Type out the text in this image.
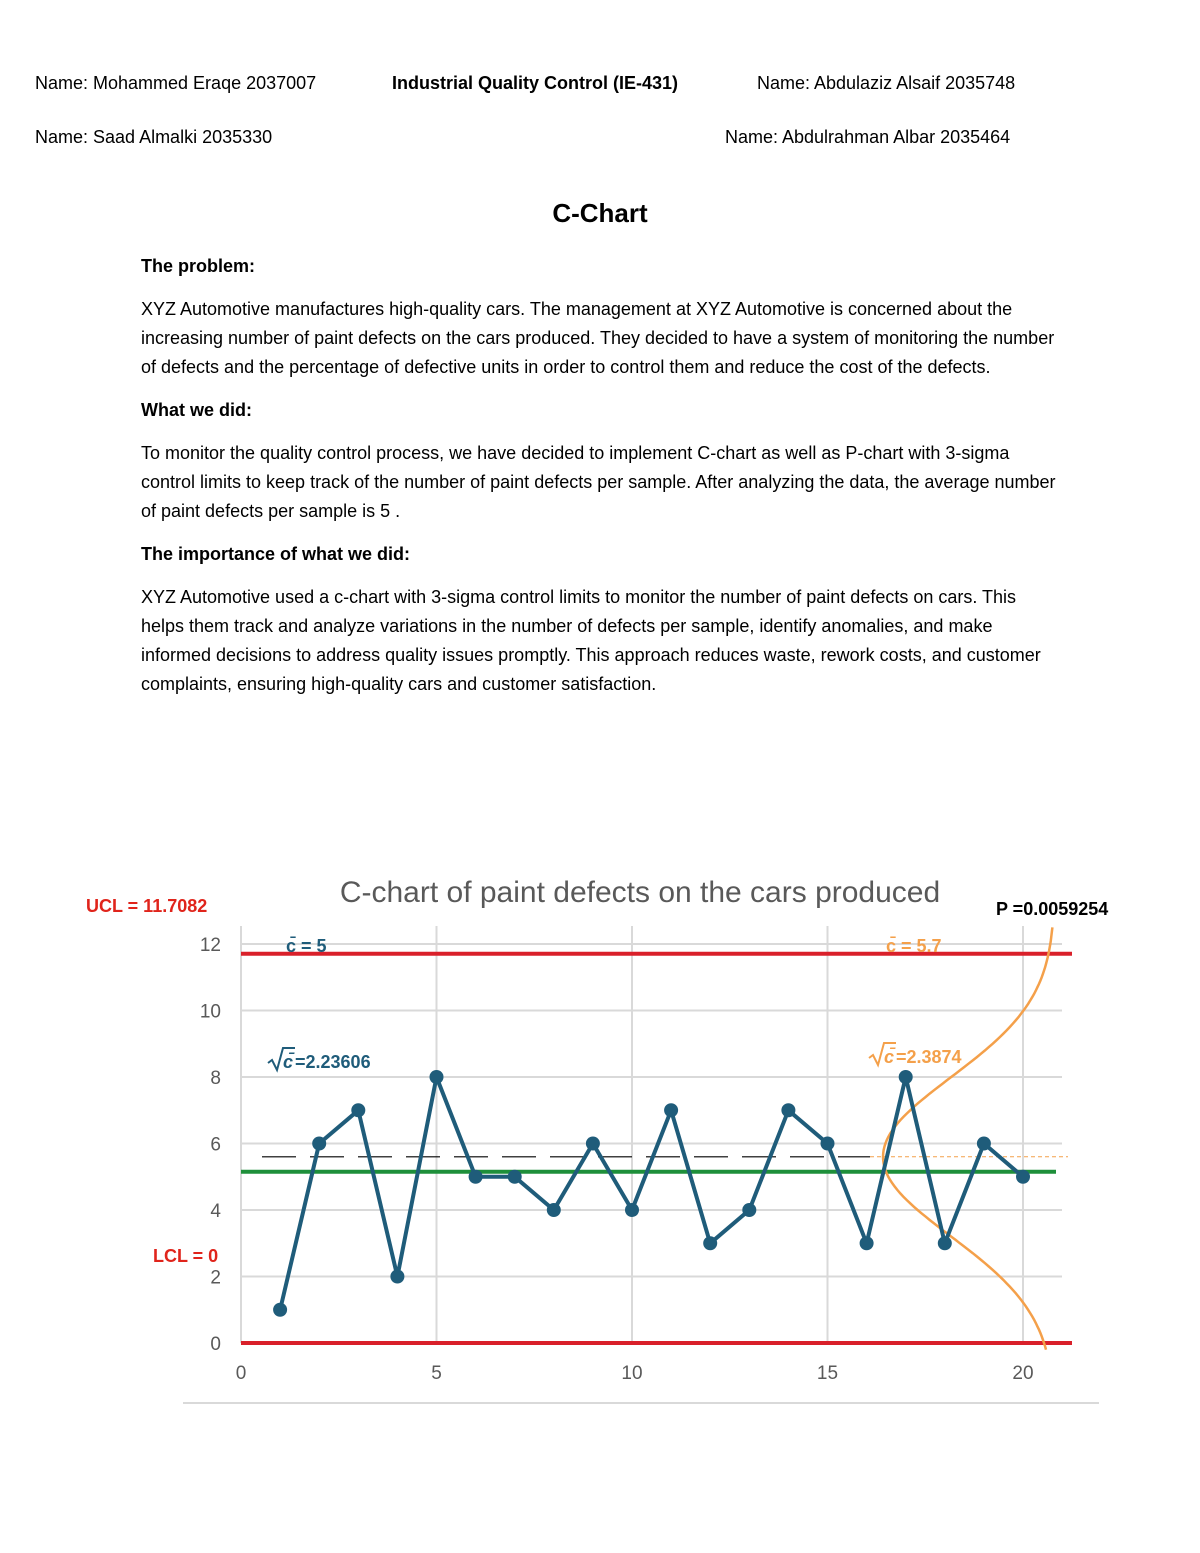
Name: Mohammed Eraqe 2037007	Industrial Quality Control (IE-431)	Name: Abdulaziz Alsaif 2035748
Name: Saad Almalki 2035330	Name: Abdulrahman Albar 2035464
C-Chart
The problem:

XYZ Automotive manufactures high-quality cars. The management at XYZ Automotive is concerned about the increasing number of paint defects on the cars produced. They decided to have a system of monitoring the number of defects and the percentage of defective units in order to control them and reduce the cost of the defects.

What we did:

To monitor the quality control process, we have decided to implement C-chart as well as P-chart with 3-sigma control limits to keep track of the number of paint defects per sample. After analyzing the data, the average number of paint defects per sample is 5 .

The importance of what we did:

XYZ Automotive used a c-chart with 3-sigma control limits to monitor the number of paint defects on cars. This helps them track and analyze variations in the number of defects per sample, identify anomalies, and make informed decisions to address quality issues promptly. This approach reduces waste, rework costs, and customer complaints, ensuring high-quality cars and customer satisfaction.

C-chart of paint defects on the cars produced
0
2
4
6
8
10
12
0	5	10	15	20
UCL = 11.7082
LCL = 0
c̄ = 5	c̄ = 5.7
c̄ =2.23606	c̄ =2.3874
P =0.0059254
